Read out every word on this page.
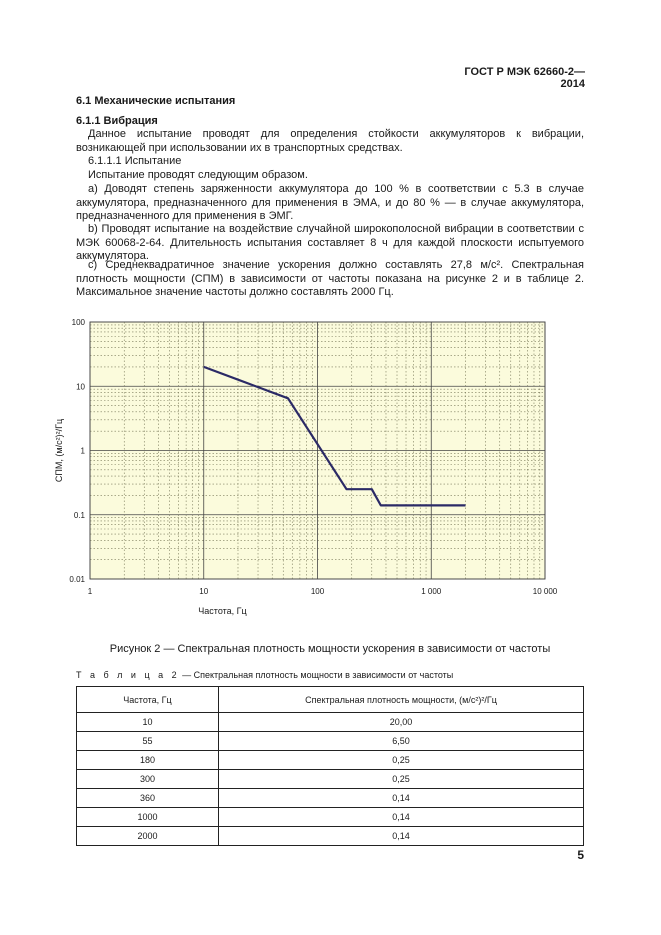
ГОСТ Р МЭК 62660-2—2014
6.1 Механические испытания
6.1.1 Вибрация
Данное испытание проводят для определения стойкости аккумуляторов к вибрации, возникающей при использовании их в транспортных средствах.
6.1.1.1 Испытание
Испытание проводят следующим образом.
а) Доводят степень заряженности аккумулятора до 100 % в соответствии с 5.3 в случае аккумулятора, предназначенного для применения в ЭМА, и до 80 % — в случае аккумулятора, предназначенного для применения в ЭМГ.
b) Проводят испытание на воздействие случайной широкополосной вибрации в соответствии с МЭК 60068-2-64. Длительность испытания составляет 8 ч для каждой плоскости испытуемого аккумулятора.
с) Среднеквадратичное значение ускорения должно составлять 27,8 м/с². Спектральная плотность мощности (СПМ) в зависимости от частоты показана на рисунке 2 и в таблице 2. Максимальное значение частоты должно составлять 2000 Гц.
1	10	100	1 000	10 000
0.01
0.1
1
10
100
Частота, Гц
СПМ, (м/с²)²/Гц
Рисунок 2 — Спектральная плотность мощности ускорения в зависимости от частоты
Т а б л и ц а 2 — Спектральная плотность мощности в зависимости от частоты
Частота, Гц	Спектральная плотность мощности, (м/с²)²/Гц
10	20,00
55	6,50
180	0,25
300	0,25
360	0,14
1000	0,14
2000	0,14
5
